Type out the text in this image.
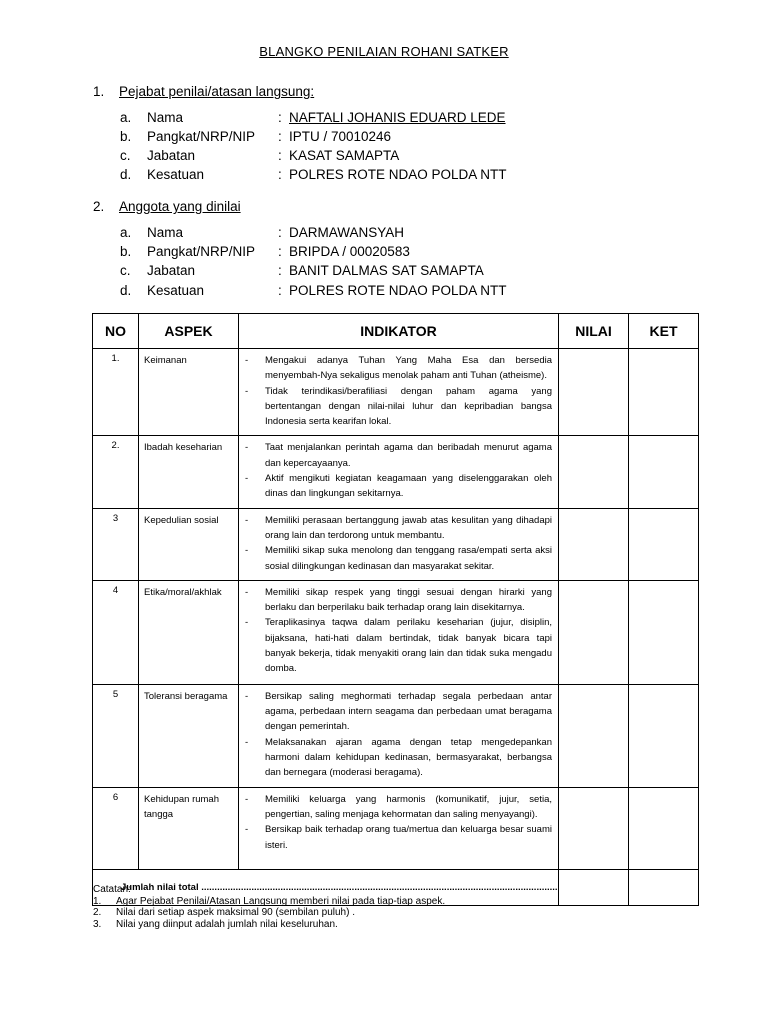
BLANGKO PENILAIAN ROHANI SATKER
1. Pejabat penilai/atasan langsung:
a. Nama	: NAFTALI JOHANIS EDUARD LEDE
b. Pangkat/NRP/NIP : IPTU / 70010246
c. Jabatan	: KASAT SAMAPTA
d. Kesatuan	: POLRES ROTE NDAO POLDA NTT
2. Anggota yang dinilai
a. Nama	: DARMAWANSYAH
b. Pangkat/NRP/NIP : BRIPDA / 00020583
c. Jabatan	: BANIT DALMAS SAT SAMAPTA
d. Kesatuan	: POLRES ROTE NDAO POLDA NTT
NO	ASPEK	INDIKATOR	NILAI	KET
1.	Keimanan	- Mengakui adanya Tuhan Yang Maha Esa dan bersedia menyembah-Nya sekaligus menolak paham anti Tuhan (atheisme).
- Tidak terindikasi/berafiliasi dengan paham agama yang bertentangan dengan nilai-nilai luhur dan kepribadian bangsa Indonesia serta kearifan lokal.		

2.	Ibadah keseharian	- Taat menjalankan perintah agama dan beribadah menurut agama dan kepercayaanya.
- Aktif mengikuti kegiatan keagamaan yang diselenggarakan oleh dinas dan lingkungan sekitarnya.		

3	Kepedulian sosial	- Memiliki perasaan bertanggung jawab atas kesulitan yang dihadapi orang lain dan terdorong untuk membantu.
- Memiliki sikap suka menolong dan tenggang rasa/empati serta aksi sosial dilingkungan kedinasan dan masyarakat sekitar.		

4	Etika/moral/akhlak	- Memiliki sikap respek yang tinggi sesuai dengan hirarki yang berlaku dan berperilaku baik terhadap orang lain disekitarnya.
- Teraplikasinya taqwa dalam perilaku keseharian (jujur, disiplin, bijaksana, hati-hati dalam bertindak, tidak banyak bicara tapi banyak bekerja, tidak menyakiti orang lain dan tidak suka mengadu domba.		

5	Toleransi beragama	- Bersikap saling meghormati terhadap segala perbedaan antar agama, perbedaan intern seagama dan perbedaan umat beragama dengan pemerintah.
- Melaksanakan ajaran agama dengan tetap mengedepankan harmoni dalam kehidupan kedinasan, bermasyarakat, berbangsa dan bernegara (moderasi beragama).		

6	Kehidupan rumah tangga	- Memiliki keluarga yang harmonis (komunikatif, jujur, setia, pengertian, saling menjaga kehormatan dan saling menyayangi).
- Bersikap baik terhadap orang tua/mertua dan keluarga besar suami isteri.		

Jumlah nilai total .......................................................................................................................................				
Catatan:
1.	Agar Pejabat Penilai/Atasan Langsung memberi nilai pada tiap-tiap aspek.
2.	Nilai dari setiap aspek maksimal 90 (sembilan puluh) .
3.	Nilai yang diinput adalah jumlah nilai keseluruhan.
